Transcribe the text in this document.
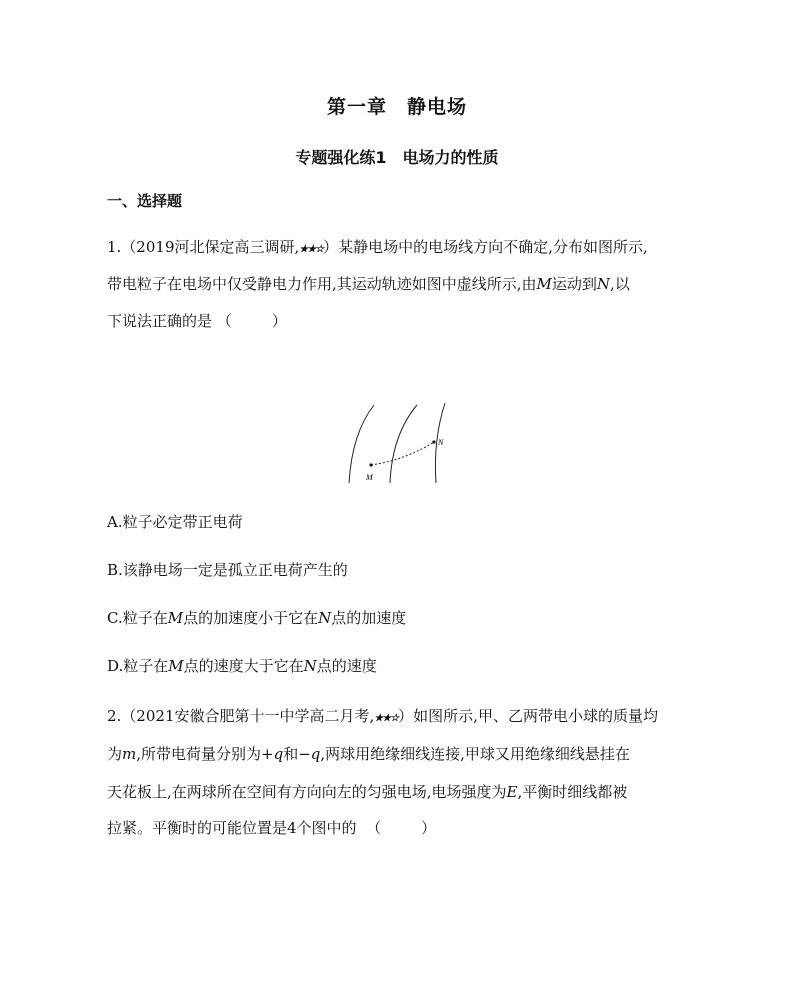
第一章　静电场
专题强化练1　电场力的性质
一、选择题
1.（2019河北保定高三调研,★★☆）某静电场中的电场线方向不确定,分布如图所示,
带电粒子在电场中仅受静电力作用,其运动轨迹如图中虚线所示,由M运动到N,以
下说法正确的是 （	）
M
N
A.粒子必定带正电荷
B.该静电场一定是孤立正电荷产生的
C.粒子在M点的加速度小于它在N点的加速度
D.粒子在M点的速度大于它在N点的速度
2.（2021安徽合肥第十一中学高二月考,★★☆）如图所示,甲、乙两带电小球的质量均
为m,所带电荷量分别为+q和−q,两球用绝缘细线连接,甲球又用绝缘细线悬挂在
天花板上,在两球所在空间有方向向左的匀强电场,电场强度为E,平衡时细线都被
拉紧。平衡时的可能位置是4个图中的 （	）
